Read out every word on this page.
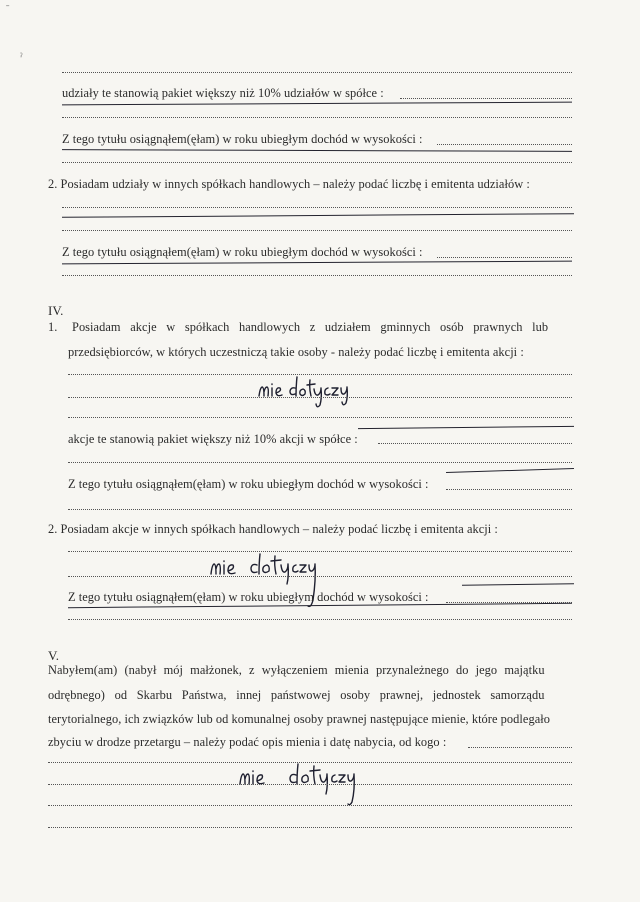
ˉ
ˀ
udziały te stanowią pakiet większy niż 10% udziałów w spółce :
Z tego tytułu osiągnąłem(ęłam) w roku ubiegłym dochód w wysokości :
2. Posiadam udziały w innych spółkach handlowych – należy podać liczbę i emitenta udziałów :
Z tego tytułu osiągnąłem(ęłam) w roku ubiegłym dochód w wysokości :
IV.
1. Posiadam akcje w spółkach handlowych z udziałem gminnych osób prawnych lub
przedsiębiorców, w których uczestniczą takie osoby - należy podać liczbę i emitenta akcji :
akcje te stanowią pakiet większy niż 10% akcji w spółce :
Z tego tytułu osiągnąłem(ęłam) w roku ubiegłym dochód w wysokości :
2. Posiadam akcje w innych spółkach handlowych – należy podać liczbę i emitenta akcji :
Z tego tytułu osiągnąłem(ęłam) w roku ubiegłym dochód w wysokości :
V.
Nabyłem(am) (nabył mój małżonek, z wyłączeniem mienia przynależnego do jego majątku
odrębnego) od Skarbu Państwa, innej państwowej osoby prawnej, jednostek samorządu
terytorialnego, ich związków lub od komunalnej osoby prawnej następujące mienie, które podlegało
zbyciu w drodze przetargu – należy podać opis mienia i datę nabycia, od kogo :
